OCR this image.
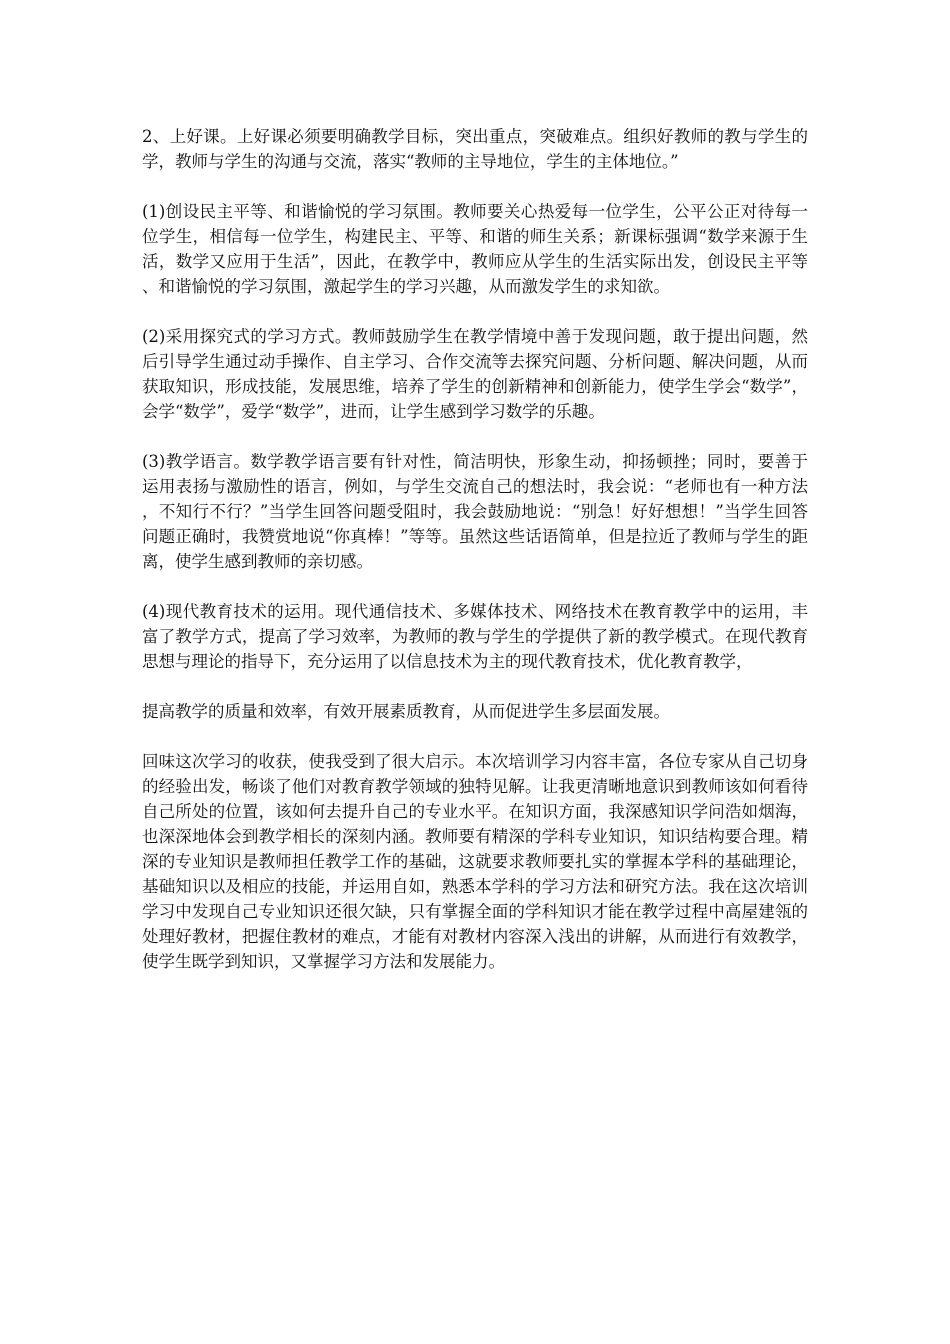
2、上好课。上好课必须要明确教学目标，突出重点，突破难点。组织好教师的教与学生的学，教师与学生的沟通与交流，落实“教师的主导地位，学生的主体地位。”

(1)创设民主平等、和谐愉悦的学习氛围。教师要关心热爱每一位学生，公平公正对待每一位学生，相信每一位学生，构建民主、平等、和谐的师生关系；新课标强调“数学来源于生活，数学又应用于生活”，因此，在教学中，教师应从学生的生活实际出发，创设民主平等、和谐愉悦的学习氛围，激起学生的学习兴趣，从而激发学生的求知欲。

(2)采用探究式的学习方式。教师鼓励学生在教学情境中善于发现问题，敢于提出问题，然后引导学生通过动手操作、自主学习、合作交流等去探究问题、分析问题、解决问题，从而获取知识，形成技能，发展思维，培养了学生的创新精神和创新能力，使学生学会“数学”，会学“数学”，爱学“数学”，进而，让学生感到学习数学的乐趣。

(3)教学语言。数学教学语言要有针对性，简洁明快，形象生动，抑扬顿挫；同时，要善于运用表扬与激励性的语言，例如，与学生交流自己的想法时，我会说：“老师也有一种方法，不知行不行？”当学生回答问题受阻时，我会鼓励地说：“别急！好好想想！”当学生回答问题正确时，我赞赏地说“你真棒！”等等。虽然这些话语简单，但是拉近了教师与学生的距离，使学生感到教师的亲切感。

(4)现代教育技术的运用。现代通信技术、多媒体技术、网络技术在教育教学中的运用，丰富了教学方式，提高了学习效率，为教师的教与学生的学提供了新的教学模式。在现代教育思想与理论的指导下，充分运用了以信息技术为主的现代教育技术，优化教育教学，

提高教学的质量和效率，有效开展素质教育，从而促进学生多层面发展。

回味这次学习的收获，使我受到了很大启示。本次培训学习内容丰富，各位专家从自己切身的经验出发，畅谈了他们对教育教学领域的独特见解。让我更清晰地意识到教师该如何看待自己所处的位置，该如何去提升自己的专业水平。在知识方面，我深感知识学问浩如烟海，也深深地体会到教学相长的深刻内涵。教师要有精深的学科专业知识，知识结构要合理。精深的专业知识是教师担任教学工作的基础，这就要求教师要扎实的掌握本学科的基础理论，基础知识以及相应的技能，并运用自如，熟悉本学科的学习方法和研究方法。我在这次培训学习中发现自己专业知识还很欠缺，只有掌握全面的学科知识才能在教学过程中高屋建瓴的处理好教材，把握住教材的难点，才能有对教材内容深入浅出的讲解，从而进行有效教学，使学生既学到知识，又掌握学习方法和发展能力。
